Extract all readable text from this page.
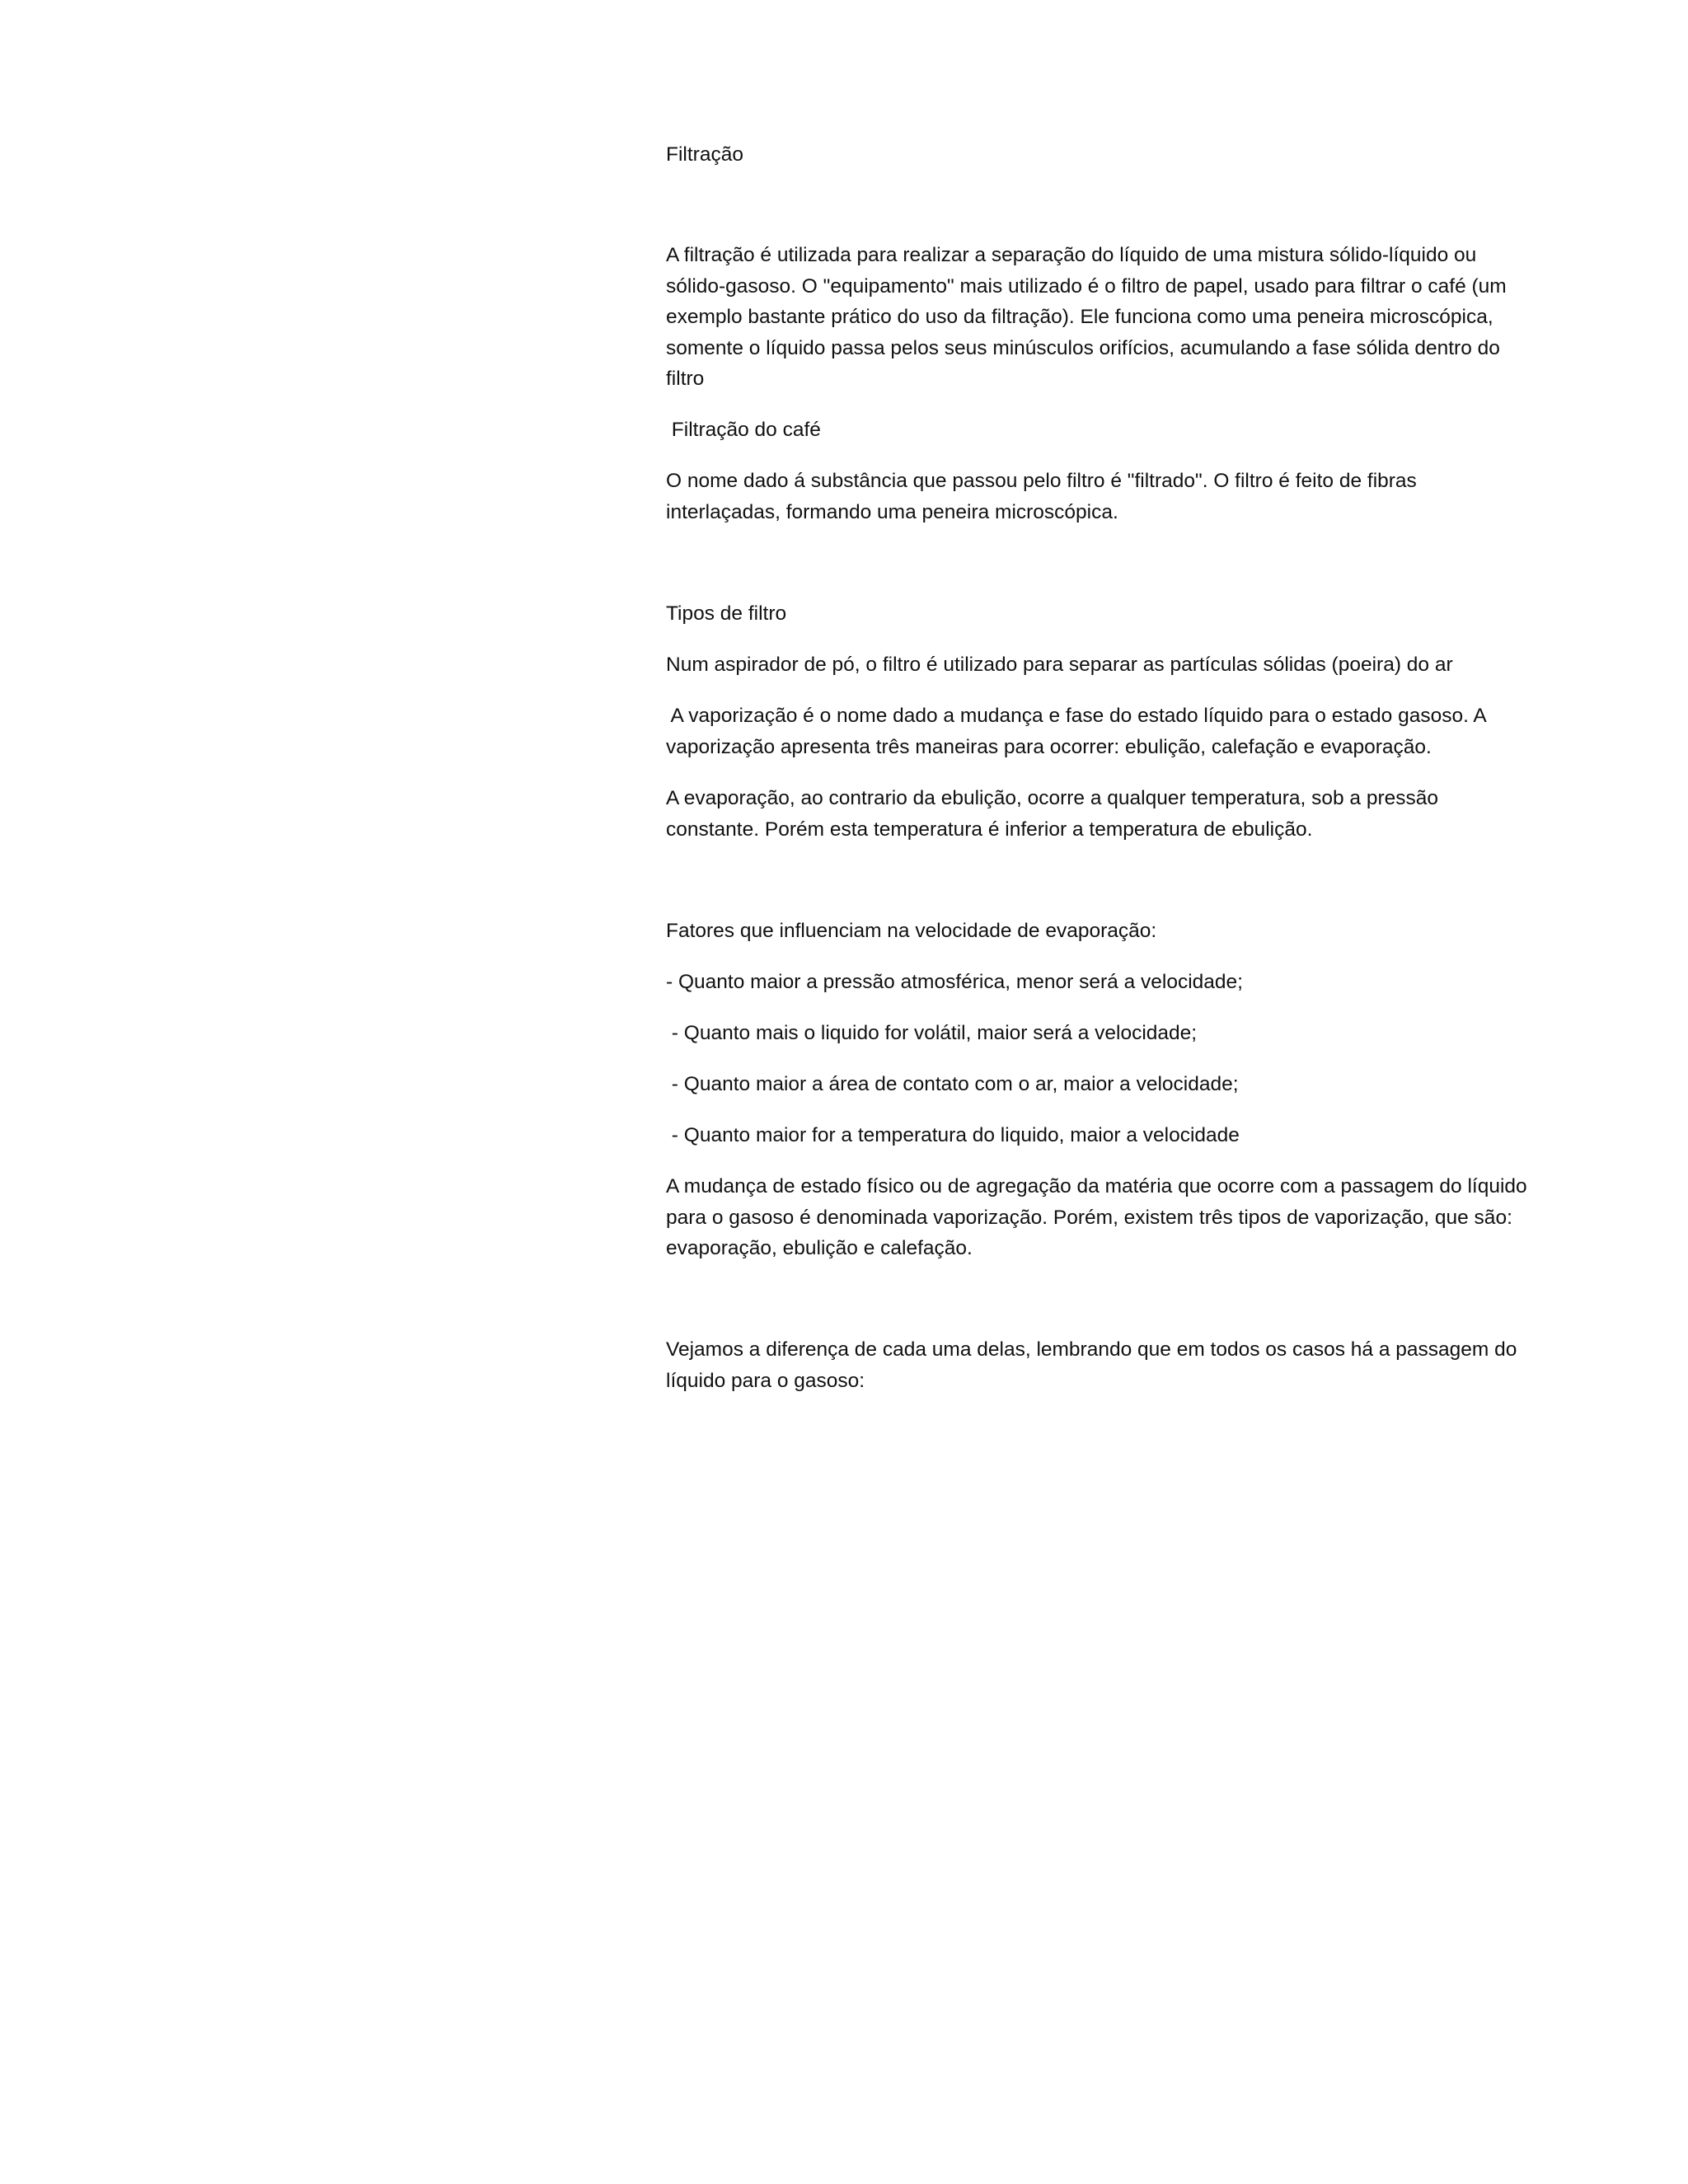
Filtração
A filtração é utilizada para realizar a separação do líquido de uma mistura sólido-líquido ou
sólido-gasoso. O "equipamento" mais utilizado é o filtro de papel, usado para filtrar o café (um
exemplo bastante prático do uso da filtração). Ele funciona como uma peneira microscópica,
somente o líquido passa pelos seus minúsculos orifícios, acumulando a fase sólida dentro do
filtro
Filtração do café
O nome dado á substância que passou pelo filtro é "filtrado". O filtro é feito de fibras
interlaçadas, formando uma peneira microscópica.
Tipos de filtro
Num aspirador de pó, o filtro é utilizado para separar as partículas sólidas (poeira) do ar
A vaporização é o nome dado a mudança e fase do estado líquido para o estado gasoso. A
vaporização apresenta três maneiras para ocorrer: ebulição, calefação e evaporação.
A evaporação, ao contrario da ebulição, ocorre a qualquer temperatura, sob a pressão
constante. Porém esta temperatura é inferior a temperatura de ebulição.
Fatores que influenciam na velocidade de evaporação:
- Quanto maior a pressão atmosférica, menor será a velocidade;
- Quanto mais o liquido for volátil, maior será a velocidade;
- Quanto maior a área de contato com o ar, maior a velocidade;
- Quanto maior for a temperatura do liquido, maior a velocidade
A mudança de estado físico ou de agregação da matéria que ocorre com a passagem do líquido
para o gasoso é denominada vaporização. Porém, existem três tipos de vaporização, que são:
evaporação, ebulição e calefação.
Vejamos a diferença de cada uma delas, lembrando que em todos os casos há a passagem do
líquido para o gasoso:
